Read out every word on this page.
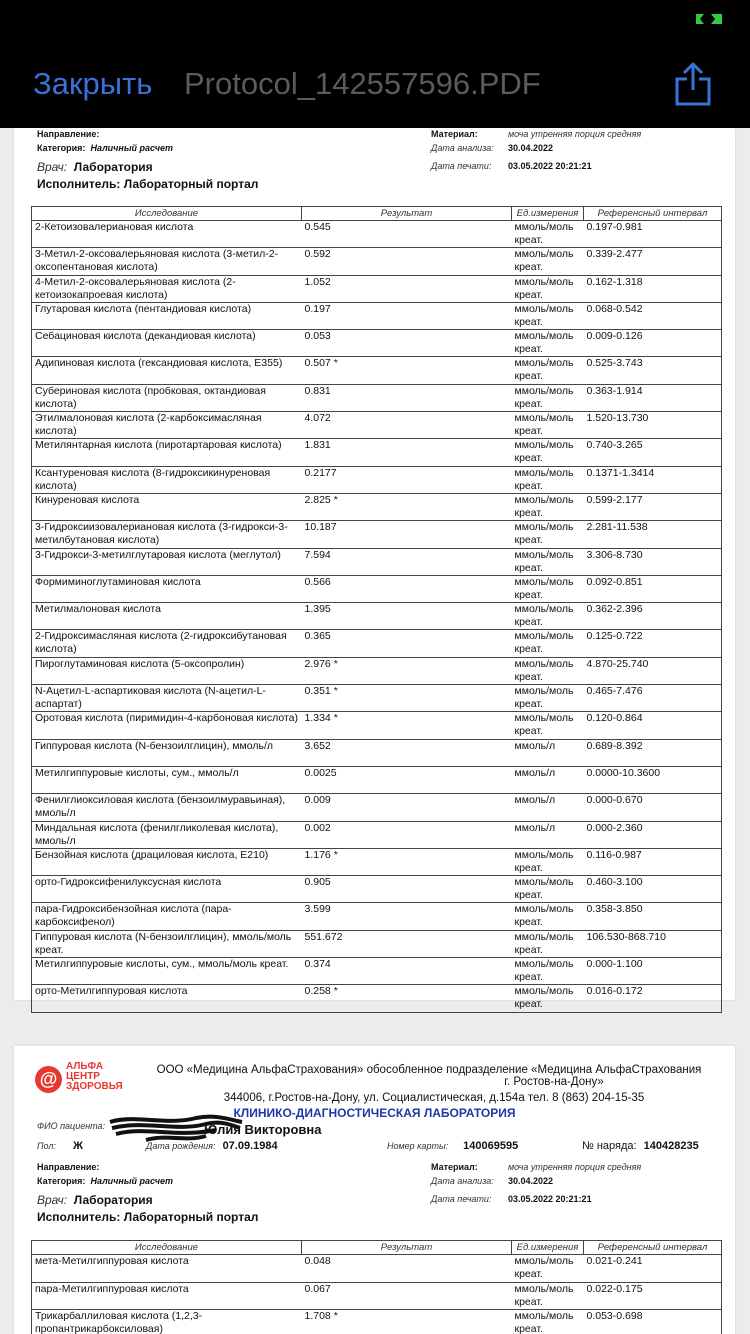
Закрыть Protocol_142557596.PDF
Направление:
Категория: Наличный расчет
Врач: Лаборатория
Исполнитель: Лабораторный портал
Материал:	моча утренняя порция средняя
Дата анализа: 30.04.2022
Дата печати: 03.05.2022 20:21:21
Исследование	Результат	Ед.измерения	Референсный интервал
2-Кетоизовалериановая кислота	0.545	ммоль/моль креат.	0.197-0.981
3-Метил-2-оксовалерьяновая кислота (3-метил-2-оксопентановая кислота)	0.592	ммоль/моль креат.	0.339-2.477
4-Метил-2-оксовалерьяновая кислота (2-кетоизокапроевая кислота)	1.052	ммоль/моль креат.	0.162-1.318
Глутаровая кислота (пентандиовая кислота)	0.197	ммоль/моль креат.	0.068-0.542
Себациновая кислота (декандиовая кислота)	0.053	ммоль/моль креат.	0.009-0.126
Адипиновая кислота (гександиовая кислота, E355)	0.507 *	ммоль/моль креат.	0.525-3.743
Субериновая кислота (пробковая, октандиовая кислота)	0.831	ммоль/моль креат.	0.363-1.914
Этилмалоновая кислота (2-карбоксимасляная кислота)	4.072	ммоль/моль креат.	1.520-13.730
Метилянтарная кислота (пиротартаровая кислота)	1.831	ммоль/моль креат.	0.740-3.265
Ксантуреновая кислота (8-гидроксикинуреновая кислота)	0.2177	ммоль/моль креат.	0.1371-1.3414
Кинуреновая кислота	2.825 *	ммоль/моль креат.	0.599-2.177
3-Гидроксиизовалериановая кислота (3-гидрокси-3-метилбутановая кислота)	10.187	ммоль/моль креат.	2.281-11.538
3-Гидрокси-3-метилглутаровая кислота (меглутол)	7.594	ммоль/моль креат.	3.306-8.730
Формиминоглутаминовая кислота	0.566	ммоль/моль креат.	0.092-0.851
Метилмалоновая кислота	1.395	ммоль/моль креат.	0.362-2.396
2-Гидроксимасляная кислота (2-гидроксибутановая кислота)	0.365	ммоль/моль креат.	0.125-0.722
Пироглутаминовая кислота (5-оксопролин)	2.976 *	ммоль/моль креат.	4.870-25.740
N-Ацетил-L-аспартиковая кислота (N-ацетил-L-аспартат)	0.351 *	ммоль/моль креат.	0.465-7.476
Оротовая кислота (пиримидин-4-карбоновая кислота)	1.334 *	ммоль/моль креат.	0.120-0.864
Гиппуровая кислота (N-бензоилглицин), ммоль/л	3.652	ммоль/л	0.689-8.392
Метилгиппуровые кислоты, сум., ммоль/л	0.0025	ммоль/л	0.0000-10.3600
Фенилглиоксиловая кислота (бензоилмуравьиная), ммоль/л	0.009	ммоль/л	0.000-0.670
Миндальная кислота (фенилгликолевая кислота), ммоль/л	0.002	ммоль/л	0.000-2.360
Бензойная кислота (драциловая кислота, E210)	1.176 *	ммоль/моль креат.	0.116-0.987
орто-Гидроксифенилуксусная кислота	0.905	ммоль/моль креат.	0.460-3.100
пара-Гидроксибензойная кислота (пара-карбоксифенол)	3.599	ммоль/моль креат.	0.358-3.850
Гиппуровая кислота (N-бензоилглицин), ммоль/моль креат.	551.672	ммоль/моль креат.	106.530-868.710
Метилгиппуровые кислоты, сум., ммоль/моль креат.	0.374	ммоль/моль креат.	0.000-1.100
орто-Метилгиппуровая кислота	0.258 *	ммоль/моль креат.	0.016-0.172
@
АЛЬФА
ЦЕНТР
ЗДОРОВЬЯ
ООО «Медицина АльфаСтрахования» обособленное подразделение «Медицина АльфаСтрахования
г. Ростов-на-Дону»
344006, г.Ростов-на-Дону, ул. Социалистическая, д.154а тел. 8 (863) 204-15-35
КЛИНИКО-ДИАГНОСТИЧЕСКАЯ ЛАБОРАТОРИЯ
ФИО пациента:	Юлия Викторовна
Пол: Ж	Дата рождения: 07.09.1984	Номер карты: 140069595	№ наряда: 140428235
Направление:
Категория: Наличный расчет
Врач: Лаборатория
Исполнитель: Лабораторный портал
Материал:	моча утренняя порция средняя
Дата анализа: 30.04.2022
Дата печати: 03.05.2022 20:21:21
Исследование	Результат	Ед.измерения	Референсный интервал
мета-Метилгиппуровая кислота	0.048	ммоль/моль креат.	0.021-0.241
пара-Метилгиппуровая кислота	0.067	ммоль/моль креат.	0.022-0.175
Трикарбаллиловая кислота (1,2,3-пропантрикарбоксиловая)	1.708 *	ммоль/моль креат.	0.053-0.698
